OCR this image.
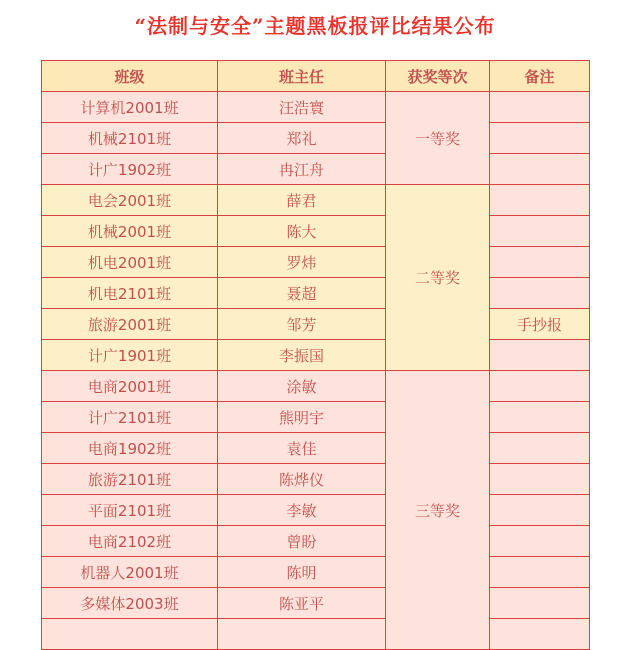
“法制与安全”主题黑板报评比结果公布
班级	班主任	获奖等次	备注
计算机2001班	汪浩寰	一等奖	
机械2101班	郑礼		
计广1902班	冉江舟		
电会2001班	薛君	二等奖	
机械2001班	陈大		
机电2001班	罗炜		
机电2101班	聂超		
旅游2001班	邹芳		手抄报
计广1901班	李振国		
电商2001班	涂敏	三等奖	
计广2101班	熊明宇		
电商1902班	袁佳		
旅游2101班	陈烨仪		
平面2101班	李敏		
电商2102班	曾盼		
机器人2001班	陈明		
多媒体2003班	陈亚平		
